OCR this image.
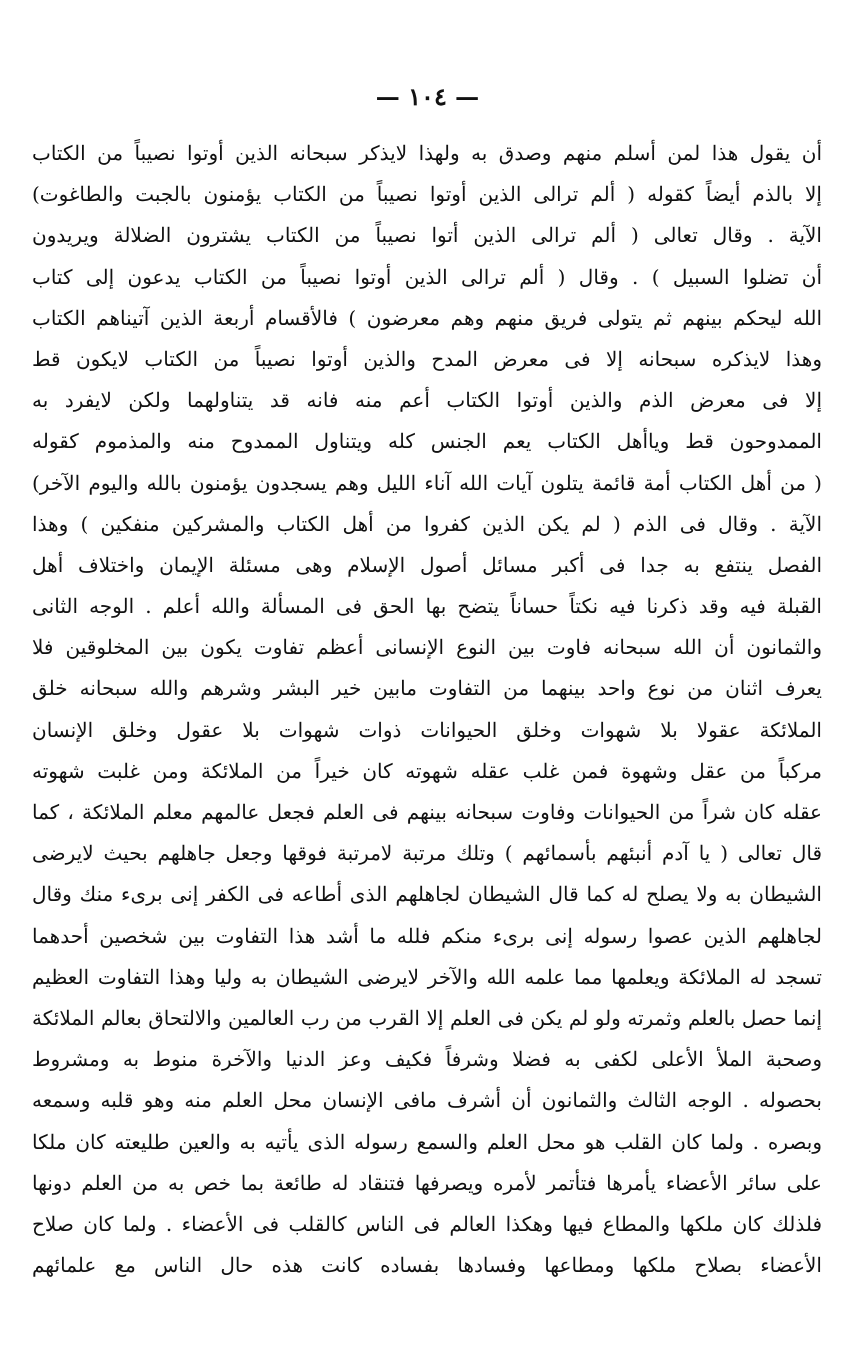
— ١٠٤ —
أن يقول هذا لمن أسلم منهم وصدق به ولهذا لايذكر سبحانه الذين أوتوا نصيباً من الكتاب
إلا بالذم أيضاً كقوله ( ألم ترالى الذين أوتوا نصيباً من الكتاب يؤمنون بالجبت والطاغوت)
الآية . وقال تعالى ( ألم ترالى الذين أتوا نصيباً من الكتاب يشترون الضلالة ويريدون
أن تضلوا السبيل ) . وقال ( ألم ترالى الذين أوتوا نصيباً من الكتاب يدعون إلى كتاب
الله ليحكم بينهم ثم يتولى فريق منهم وهم معرضون ) فالأقسام أربعة الذين آتيناهم الكتاب
وهذا لايذكره سبحانه إلا فى معرض المدح والذين أوتوا نصيباً من الكتاب لايكون قط
إلا فى معرض الذم والذين أوتوا الكتاب أعم منه فانه قد يتناولهما ولكن لايفرد به
الممدوحون قط وياأهل الكتاب يعم الجنس كله ويتناول الممدوح منه والمذموم كقوله
( من أهل الكتاب أمة قائمة يتلون آيات الله آناء الليل وهم يسجدون يؤمنون بالله واليوم الآخر)
الآية . وقال فى الذم ( لم يكن الذين كفروا من أهل الكتاب والمشركين منفكين ) وهذا
الفصل ينتفع به جدا فى أكبر مسائل أصول الإسلام وهى مسئلة الإيمان واختلاف أهل
القبلة فيه وقد ذكرنا فيه نكتاً حساناً يتضح بها الحق فى المسألة والله أعلم . الوجه الثانى
والثمانون أن الله سبحانه فاوت بين النوع الإنسانى أعظم تفاوت يكون بين المخلوقين فلا
يعرف اثنان من نوع واحد بينهما من التفاوت مابين خير البشر وشرهم والله سبحانه خلق
الملائكة عقولا بلا شهوات وخلق الحيوانات ذوات شهوات بلا عقول وخلق الإنسان
مركباً من عقل وشهوة فمن غلب عقله شهوته كان خيراً من الملائكة ومن غلبت شهوته
عقله كان شراً من الحيوانات وفاوت سبحانه بينهم فى العلم فجعل عالمهم معلم الملائكة ، كما
قال تعالى ( يا آدم أنبئهم بأسمائهم ) وتلك مرتبة لامرتبة فوقها وجعل جاهلهم بحيث لايرضى
الشيطان به ولا يصلح له كما قال الشيطان لجاهلهم الذى أطاعه فى الكفر إنى برىء منك وقال
لجاهلهم الذين عصوا رسوله إنى برىء منكم فلله ما أشد هذا التفاوت بين شخصين أحدهما
تسجد له الملائكة ويعلمها مما علمه الله والآخر لايرضى الشيطان به وليا وهذا التفاوت العظيم
إنما حصل بالعلم وثمرته ولو لم يكن فى العلم إلا القرب من رب العالمين والالتحاق بعالم الملائكة
وصحبة الملأ الأعلى لكفى به فضلا وشرفاً فكيف وعز الدنيا والآخرة منوط به ومشروط
بحصوله . الوجه الثالث والثمانون أن أشرف مافى الإنسان محل العلم منه وهو قلبه وسمعه
وبصره . ولما كان القلب هو محل العلم والسمع رسوله الذى يأتيه به والعين طليعته كان ملكا
على سائر الأعضاء يأمرها فتأتمر لأمره ويصرفها فتنقاد له طائعة بما خص به من العلم دونها
فلذلك كان ملكها والمطاع فيها وهكذا العالم فى الناس كالقلب فى الأعضاء . ولما كان صلاح
الأعضاء بصلاح ملكها ومطاعها وفسادها بفساده كانت هذه حال الناس مع علمائهم
